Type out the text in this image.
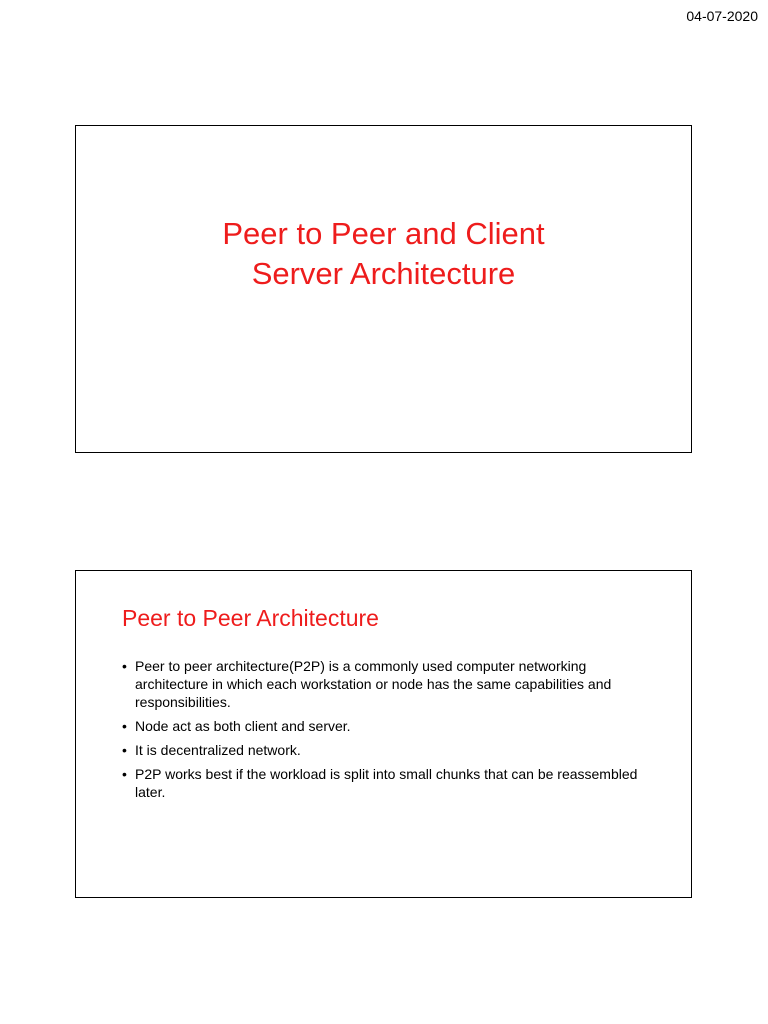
04-07-2020
Peer to Peer and Client
Server Architecture
Peer to Peer Architecture
• Peer to peer architecture(P2P) is a commonly used computer networking architecture in which each workstation or node has the same capabilities and responsibilities.
• Node act as both client and server.
• It is decentralized network.
• P2P works best if the workload is split into small chunks that can be reassembled later.
